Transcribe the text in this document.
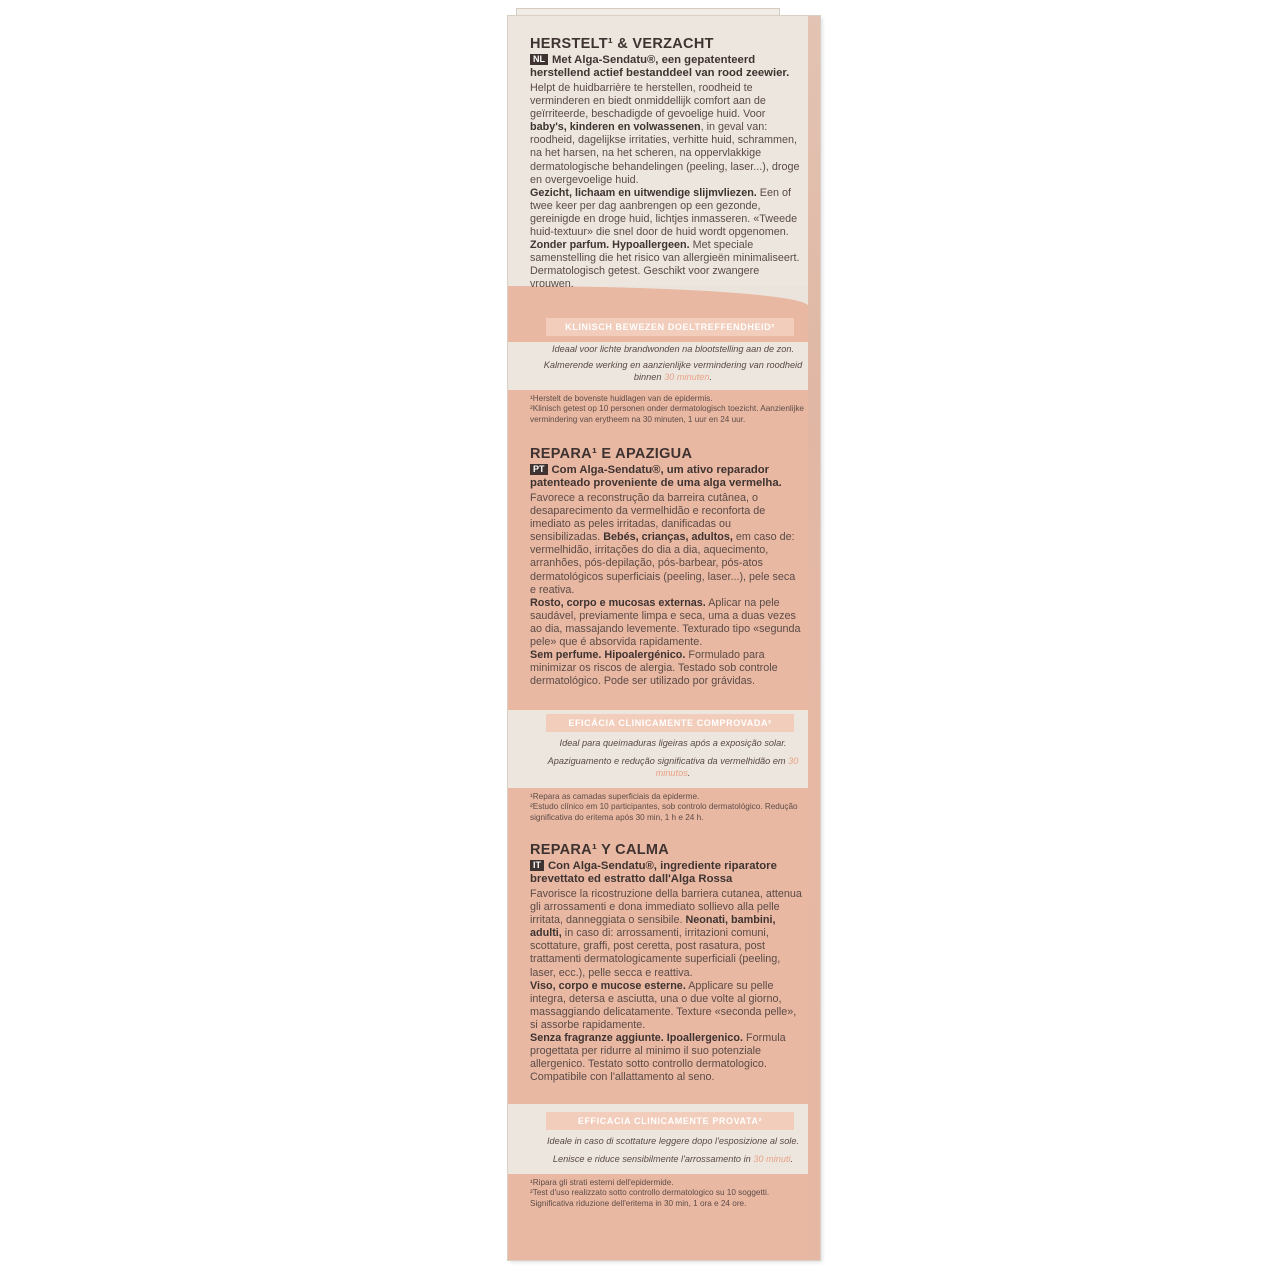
HERSTELT¹ & VERZACHT
NL Met Alga-Sendatu®, een gepatenteerd herstellend actief bestanddeel van rood zeewier.
Helpt de huidbarrière te herstellen, roodheid te verminderen en biedt onmiddellijk comfort aan de geïrriteerde, beschadigde of gevoelige huid. Voor baby's, kinderen en volwassenen, in geval van: roodheid, dagelijkse irritaties, verhitte huid, schrammen, na het harsen, na het scheren, na oppervlakkige dermatologische behandelingen (peeling, laser...), droge en overgevoelige huid.
Gezicht, lichaam en uitwendige slijmvliezen. Een of twee keer per dag aanbrengen op een gezonde, gereinigde en droge huid, lichtjes inmasseren. «Tweede huid-textuur» die snel door de huid wordt opgenomen. Zonder parfum. Hypoallergeen. Met speciale samenstelling die het risico van allergieën minimaliseert. Dermatologisch getest. Geschikt voor zwangere vrouwen.
KLINISCH BEWEZEN DOELTREFFENDHEID²
Ideaal voor lichte brandwonden na blootstelling aan de zon.
Kalmerende werking en aanzienlijke vermindering van roodheid binnen 30 minuten.
¹Herstelt de bovenste huidlagen van de epidermis.
²Klinisch getest op 10 personen onder dermatologisch toezicht. Aanzienlijke vermindering van erytheem na 30 minuten, 1 uur en 24 uur.
REPARA¹ E APAZIGUA
PT Com Alga-Sendatu®, um ativo reparador patenteado proveniente de uma alga vermelha.
Favorece a reconstrução da barreira cutânea, o desaparecimento da vermelhidão e reconforta de imediato as peles irritadas, danificadas ou sensibilizadas. Bebés, crianças, adultos, em caso de: vermelhidão, irritações do dia a dia, aquecimento, arranhões, pós-depilação, pós-barbear, pós-atos dermatológicos superficiais (peeling, laser...), pele seca e reativa.
Rosto, corpo e mucosas externas. Aplicar na pele saudável, previamente limpa e seca, uma a duas vezes ao dia, massajando levemente. Texturado tipo «segunda pele» que é absorvida rapidamente.
Sem perfume. Hipoalergénico. Formulado para minimizar os riscos de alergia. Testado sob controle dermatológico. Pode ser utilizado por grávidas.
EFICÁCIA CLINICAMENTE COMPROVADA²
Ideal para queimaduras ligeiras após a exposição solar.
Apaziguamento e redução significativa da vermelhidão em 30 minutos.
¹Repara as camadas superficiais da epiderme.
²Estudo clínico em 10 participantes, sob controlo dermatológico. Redução significativa do eritema após 30 min, 1 h e 24 h.
REPARA¹ Y CALMA
IT Con Alga-Sendatu®, ingrediente riparatore brevettato ed estratto dall'Alga Rossa
Favorisce la ricostruzione della barriera cutanea, attenua gli arrossamenti e dona immediato sollievo alla pelle irritata, danneggiata o sensibile. Neonati, bambini, adulti, in caso di: arrossamenti, irritazioni comuni, scottature, graffi, post ceretta, post rasatura, post trattamenti dermatologicamente superficiali (peeling, laser, ecc.), pelle secca e reattiva.
Viso, corpo e mucose esterne. Applicare su pelle integra, detersa e asciutta, una o due volte al giorno, massaggiando delicatamente. Texture «seconda pelle», si assorbe rapidamente.
Senza fragranze aggiunte. Ipoallergenico. Formula progettata per ridurre al minimo il suo potenziale allergenico. Testato sotto controllo dermatologico. Compatibile con l'allattamento al seno.
EFFICACIA CLINICAMENTE PROVATA²
Ideale in caso di scottature leggere dopo l'esposizione al sole.
Lenisce e riduce sensibilmente l'arrossamento in 30 minuti.
¹Ripara gli strati esterni dell'epidermide.
²Test d'uso realizzato sotto controllo dermatologico su 10 soggetti. Significativa riduzione dell'eritema in 30 min, 1 ora e 24 ore.
